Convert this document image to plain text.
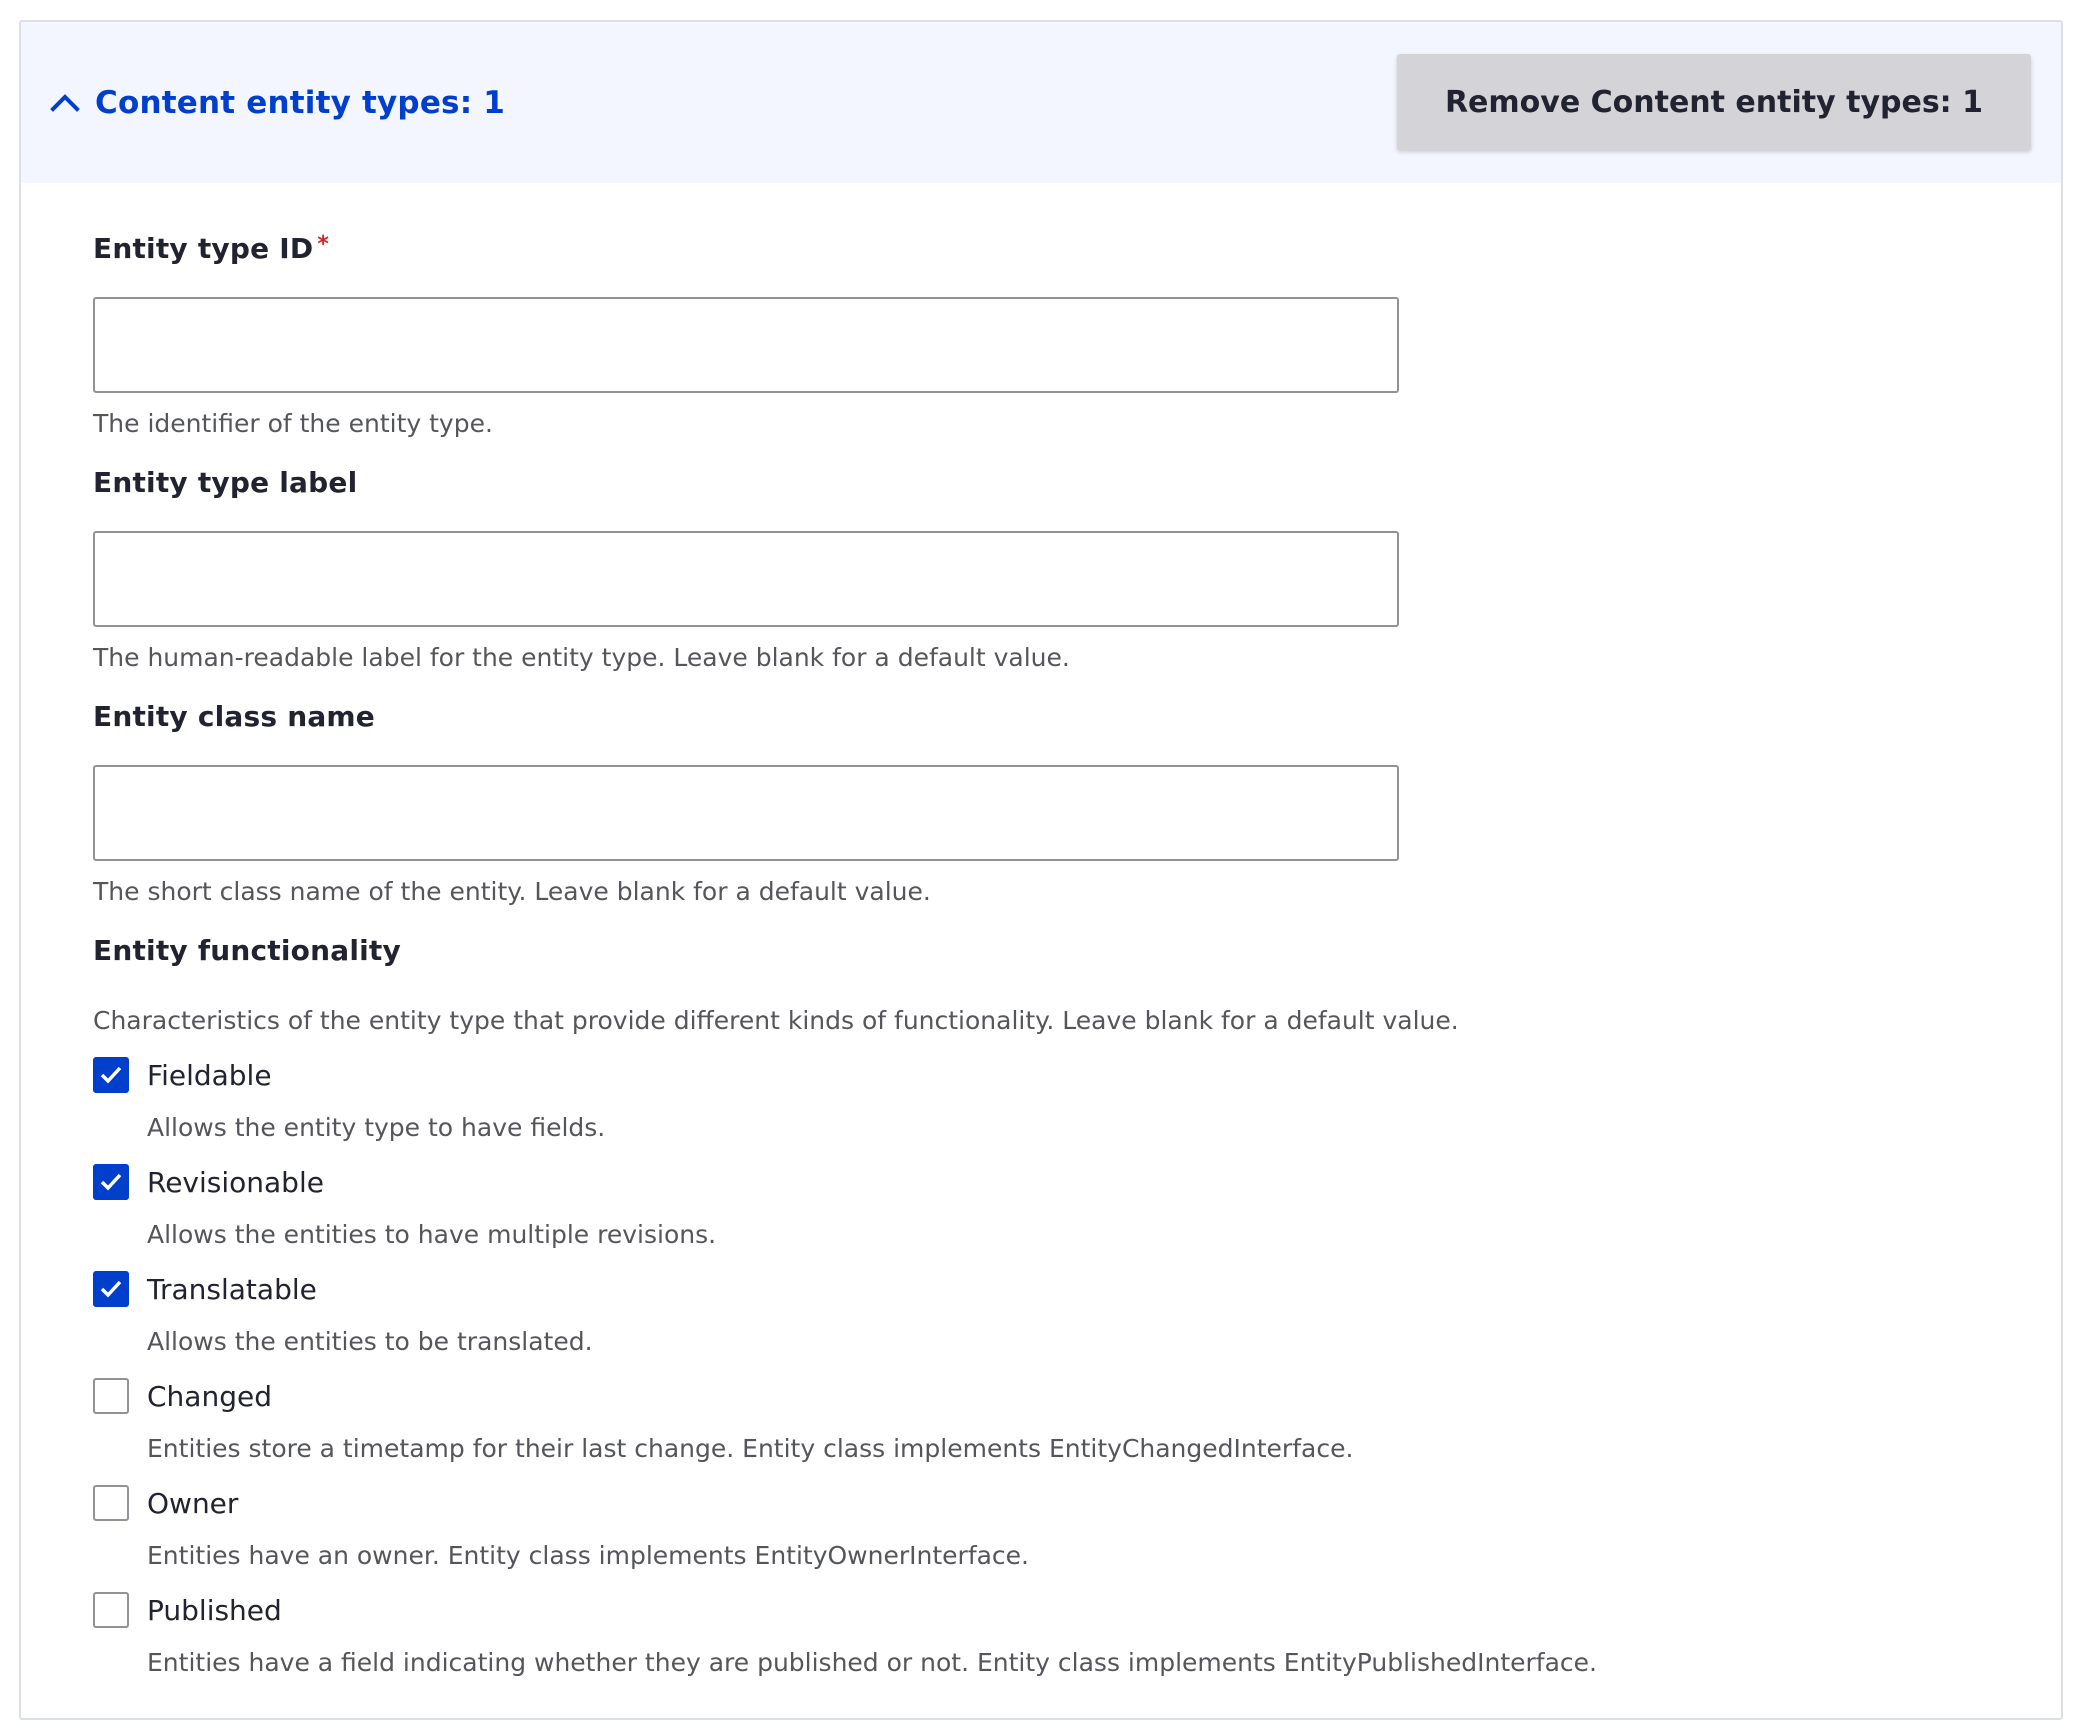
Content entity types: 1	Remove Content entity types: 1
Entity type ID *
The identifier of the entity type.
Entity type label
The human-readable label for the entity type. Leave blank for a default value.
Entity class name
The short class name of the entity. Leave blank for a default value.
Entity functionality
Characteristics of the entity type that provide different kinds of functionality. Leave blank for a default value.
Fieldable
Allows the entity type to have fields.
Revisionable
Allows the entities to have multiple revisions.
Translatable
Allows the entities to be translated.
Changed
Entities store a timetamp for their last change. Entity class implements EntityChangedInterface.
Owner
Entities have an owner. Entity class implements EntityOwnerInterface.
Published
Entities have a field indicating whether they are published or not. Entity class implements EntityPublishedInterface.
